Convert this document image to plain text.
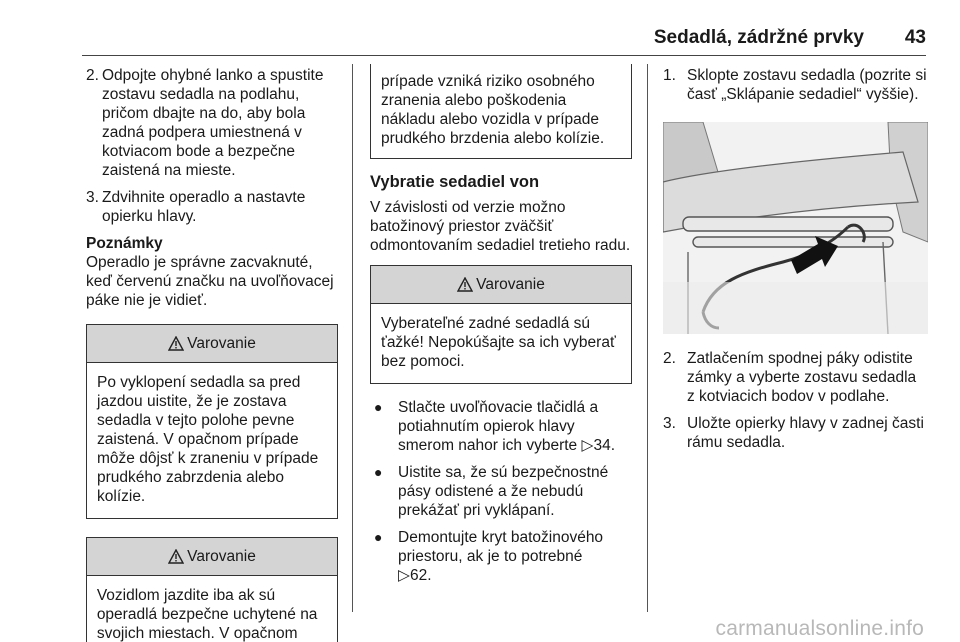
Sedadlá, zádržné prvky 43
2. Odpojte ohybné lanko a spustite zostavu sedadla na podlahu, pričom dbajte na do, aby bola zadná podpera umiestnená v kotviacom bode a bezpečne zaistená na mieste.
3. Zdvihnite operadlo a nastavte opierku hlavy.
Poznámky
Operadlo je správne zacvaknuté, keď červenú značku na uvoľňovacej páke nie je vidieť.
Varovanie
Po vyklopení sedadla sa pred jazdou uistite, že je zostava sedadla v tejto polohe pevne zaistená. V opačnom prípade môže dôjsť k zraneniu v prípade prudkého zabrzdenia alebo kolízie.
Varovanie
Vozidlom jazdite iba ak sú operadlá bezpečne uchytené na svojich miestach. V opačnom
prípade vzniká riziko osobného zranenia alebo poškodenia nákladu alebo vozidla v prípade prudkého brzdenia alebo kolízie.
Vybratie sedadiel von
V závislosti od verzie možno batožinový priestor zväčšiť odmontovaním sedadiel tretieho radu.
Varovanie
Vyberateľné zadné sedadlá sú ťažké! Nepokúšajte sa ich vyberať bez pomoci.
● Stlačte uvoľňovacie tlačidlá a potiahnutím opierok hlavy smerom nahor ich vyberte ▷34.
● Uistite sa, že sú bezpečnostné pásy odistené a že nebudú prekážať pri vyklápaní.
● Demontujte kryt batožinového priestoru, ak je to potrebné
▷62.
1. Sklopte zostavu sedadla (pozrite si časť „Sklápanie sedadiel“ vyššie).
2. Zatlačením spodnej páky odistite zámky a vyberte zostavu sedadla z kotviacich bodov v podlahe.
3. Uložte opierky hlavy v zadnej časti rámu sedadla.
carmanualsonline.info
